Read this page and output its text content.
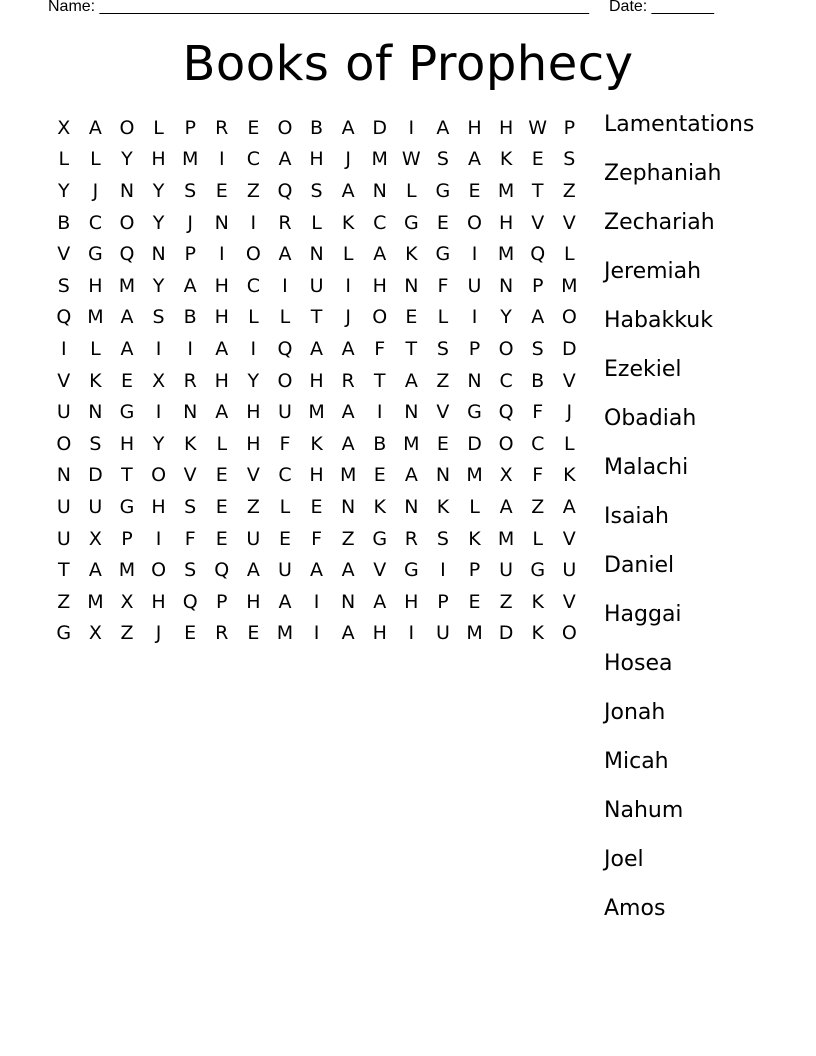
Name: _______________________________________________________ Date: _______
Books of Prophecy
X A O L	P	R E O B A D	I	A H H W P
L	L	Y H M	I	C A H	J	M W S	A K	E	S
Y	J	N Y	S	E	Z Q S	A N	L G E M T	Z
B C O Y	J	N	I	R	L	K C G E O H V V
V G Q N P	I	O A N	L	A K G	I	M Q L
S H M Y	A H C	I	U	I	H N	F	U N P M
Q M A	S	B H	L	L	T	J	O E	L	I	Y	A O
I	L	A	I	I	A	I	Q A A	F	T	S	P O S D
V K	E	X R H Y O H R	T	A Z N C B V
U N G	I	N A H U M A	I	N V G Q F	J
O S H Y	K	L	H F	K A B M E D O C	L
N D T O V	E	V C H M E	A N M X	F	K
U U G H S	E	Z	L	E N K N K	L	A Z A
U X	P	I	F	E U E	F	Z G R S	K M L	V
T	A M O S Q A U A A V G	I	P U G U
Z M X H Q P H A	I	N A H P	E	Z K V
G X Z	J	E R E M	I	A H	I	U M D K O
Lamentations
Zephaniah
Zechariah
Jeremiah
Habakkuk
Ezekiel
Obadiah
Malachi
Isaiah
Daniel
Haggai
Hosea
Jonah
Micah
Nahum
Joel
Amos
